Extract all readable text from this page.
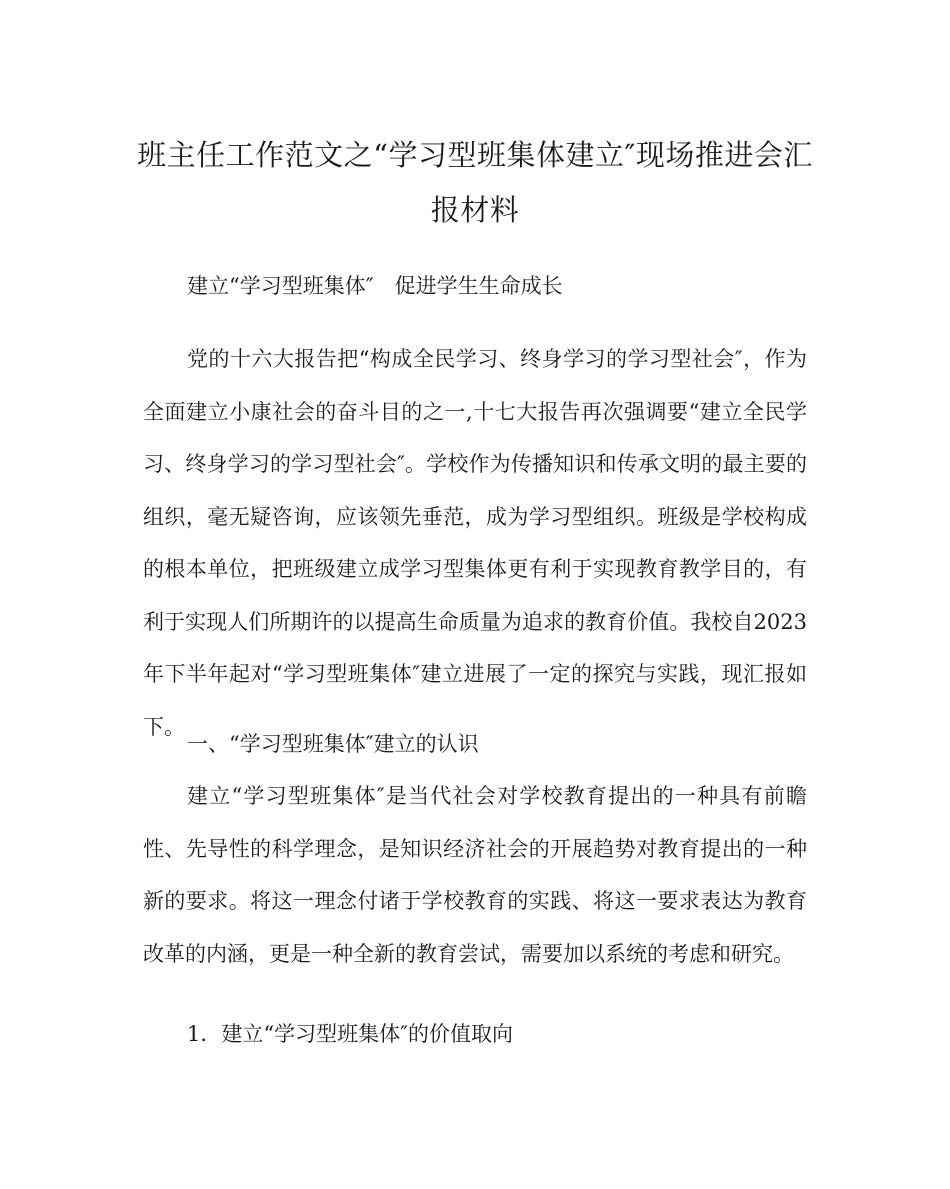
班主任工作范文之“学习型班集体建立″现场推进会汇报材料

建立“学习型班集体″　促进学生生命成长

党的十六大报告把“构成全民学习、终身学习的学习型社会″，作为全面建立小康社会的奋斗目的之一,十七大报告再次强调要“建立全民学习、终身学习的学习型社会″。学校作为传播知识和传承文明的最主要的组织，毫无疑咨询，应该领先垂范，成为学习型组织。班级是学校构成的根本单位，把班级建立成学习型集体更有利于实现教育教学目的，有利于实现人们所期许的以提高生命质量为追求的教育价值。我校自2023年下半年起对“学习型班集体″建立进展了一定的探究与实践，现汇报如下。

一、“学习型班集体″建立的认识

建立“学习型班集体″是当代社会对学校教育提出的一种具有前瞻性、先导性的科学理念，是知识经济社会的开展趋势对教育提出的一种新的要求。将这一理念付诸于学校教育的实践、将这一要求表达为教育改革的内涵，更是一种全新的教育尝试，需要加以系统的考虑和研究。

1．建立“学习型班集体″的价值取向
